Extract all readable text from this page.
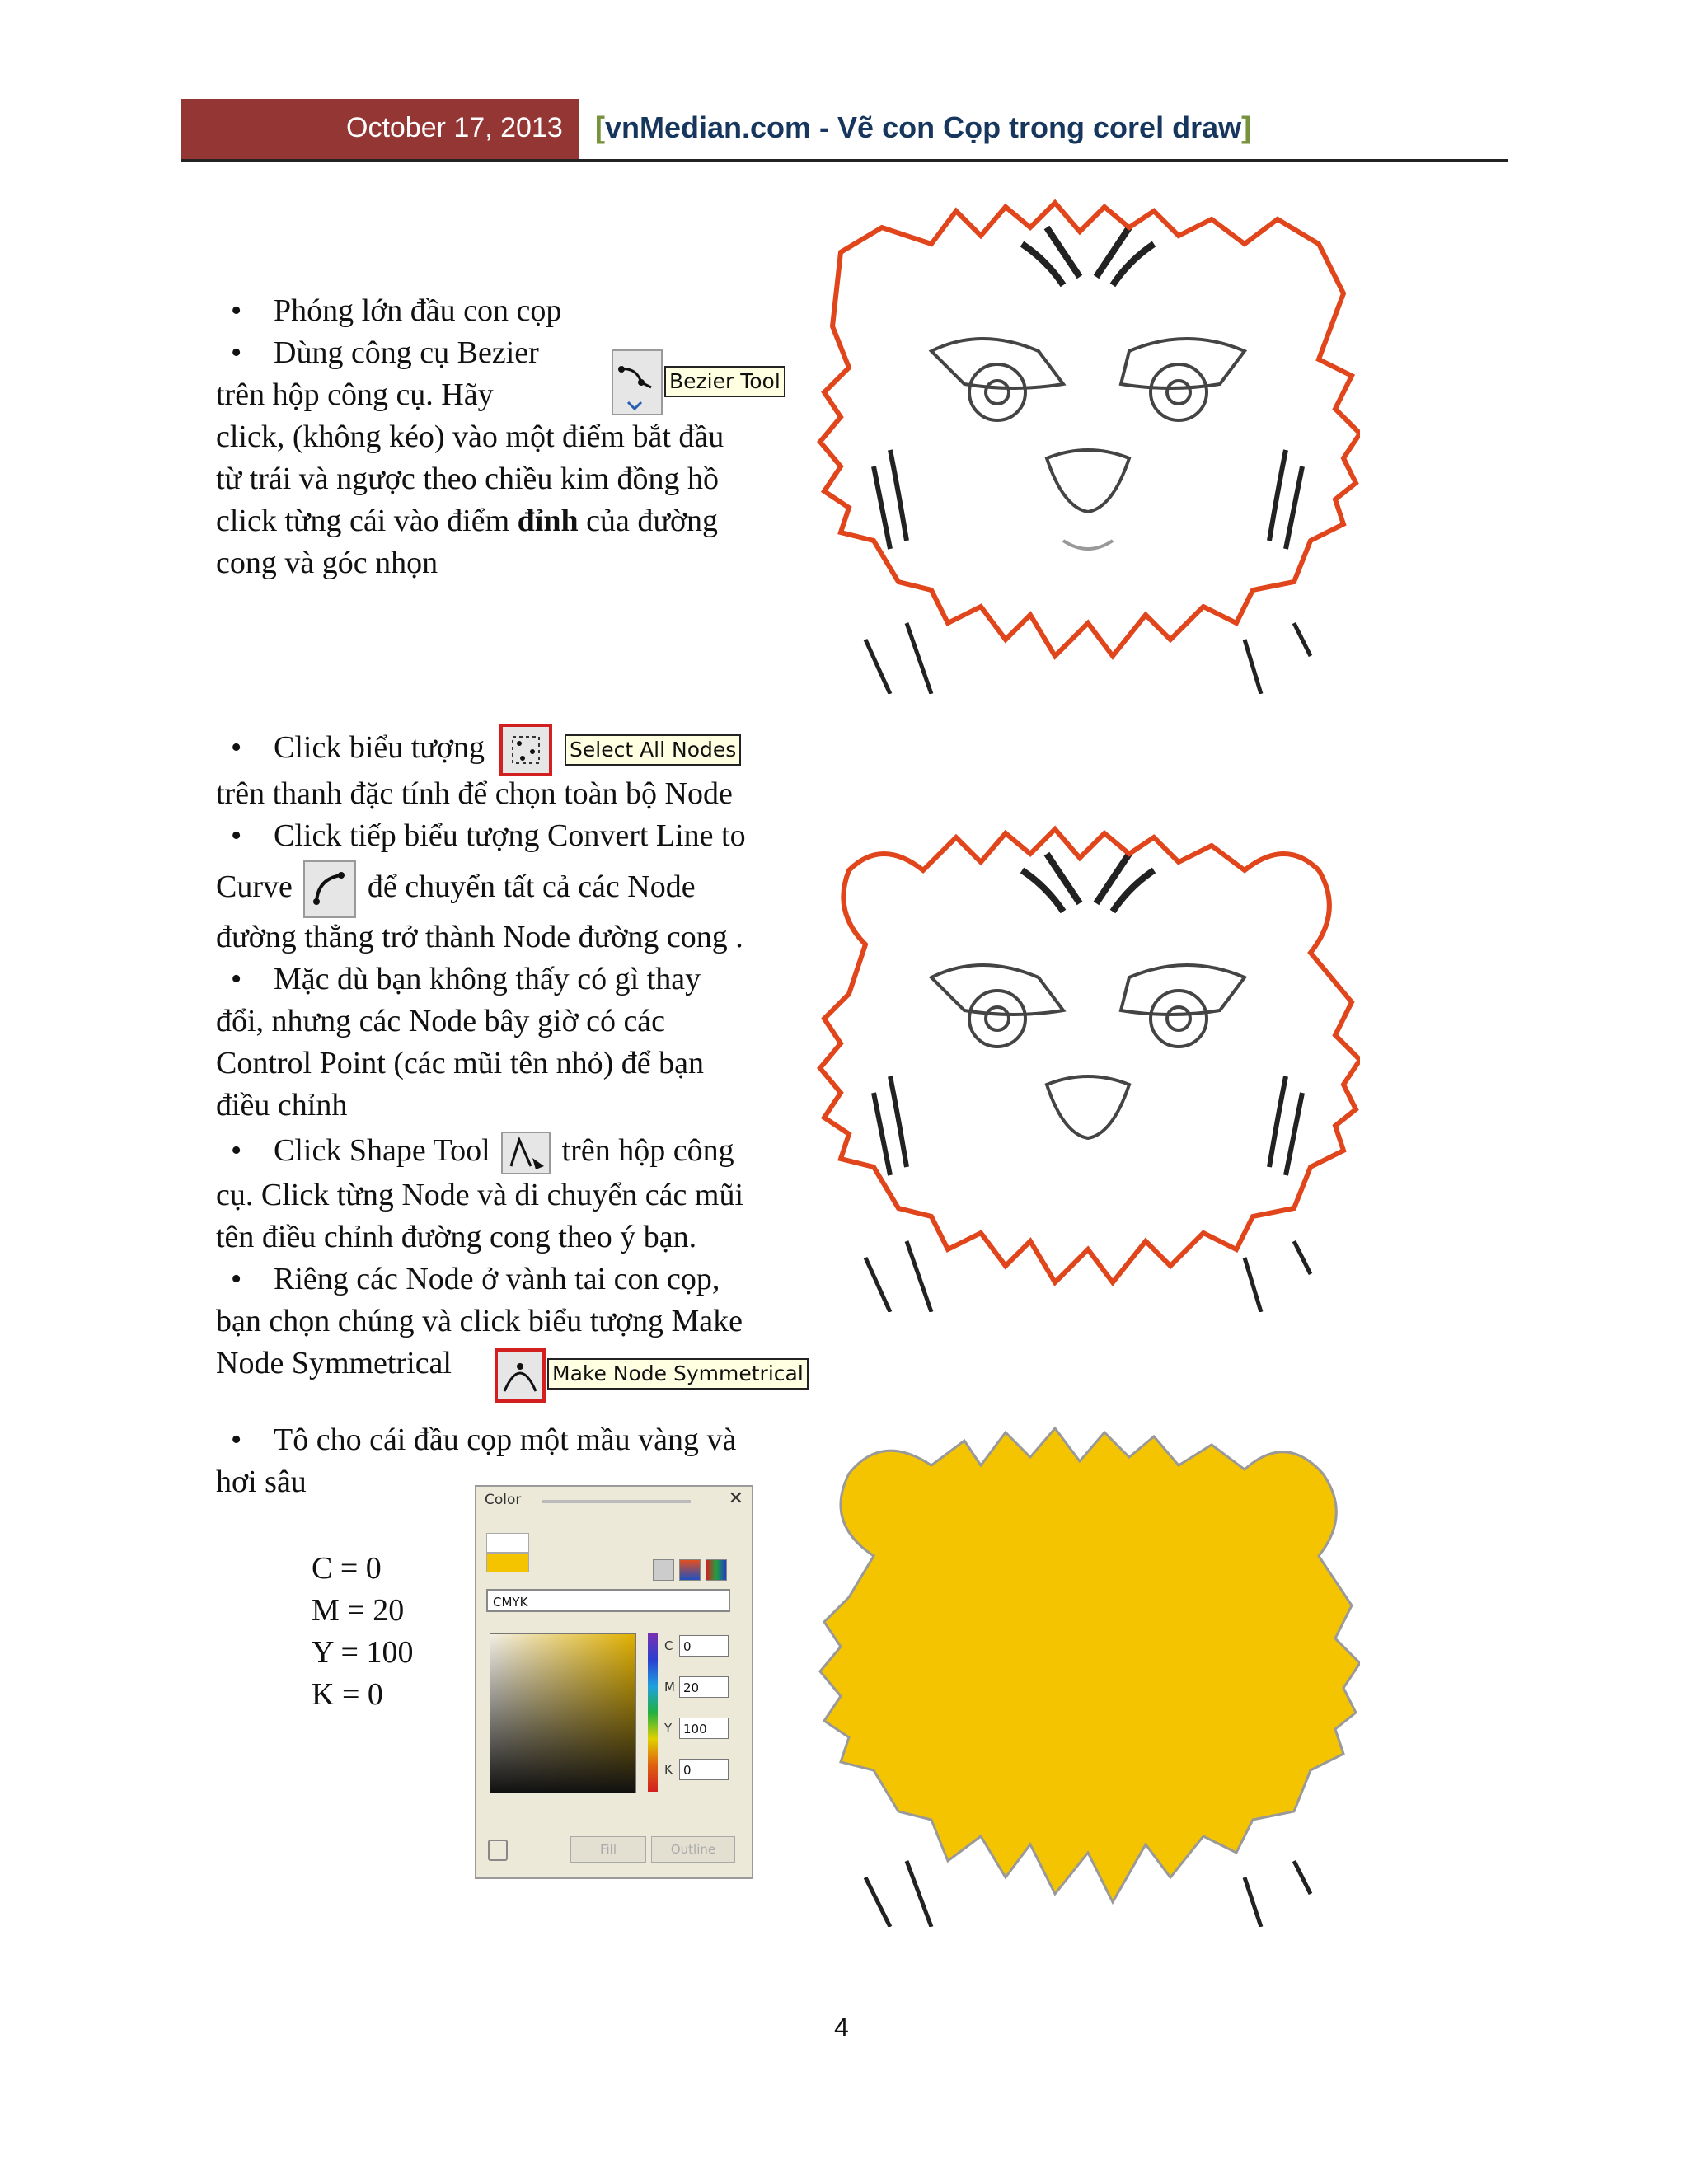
October 17, 2013 [vnMedian.com - Vẽ con Cọp trong corel draw]
• Phóng lớn đầu con cọp
• Dùng công cụ Bezier
trên hộp công cụ. Hãy
click, (không kéo) vào một điểm bắt đầu
từ trái và ngược theo chiều kim đồng hồ
click từng cái vào điểm đỉnh của đường
cong và góc nhọn
Bezier Tool
• Click biểu tượng	Select All Nodes
trên thanh đặc tính để chọn toàn bộ Node
• Click tiếp biểu tượng Convert Line to
Curve để chuyển tất cả các Node
đường thẳng trở thành Node đường cong .
• Mặc dù bạn không thấy có gì thay
đổi, nhưng các Node bây giờ có các
Control Point (các mũi tên nhỏ) để bạn
điều chỉnh
• Click Shape Tool trên hộp công
cụ. Click từng Node và di chuyển các mũi
tên điều chỉnh đường cong theo ý bạn.
• Riêng các Node ở vành tai con cọp,
bạn chọn chúng và click biểu tượng Make
Node Symmetrical	Make Node Symmetrical
• Tô cho cái đầu cọp một mầu vàng và
hơi sâu
C = 0
M = 20
Y = 100
K = 0
Color	✕
CMYK
C 0
M 20
Y 100
K 0
Fill	Outline
4
